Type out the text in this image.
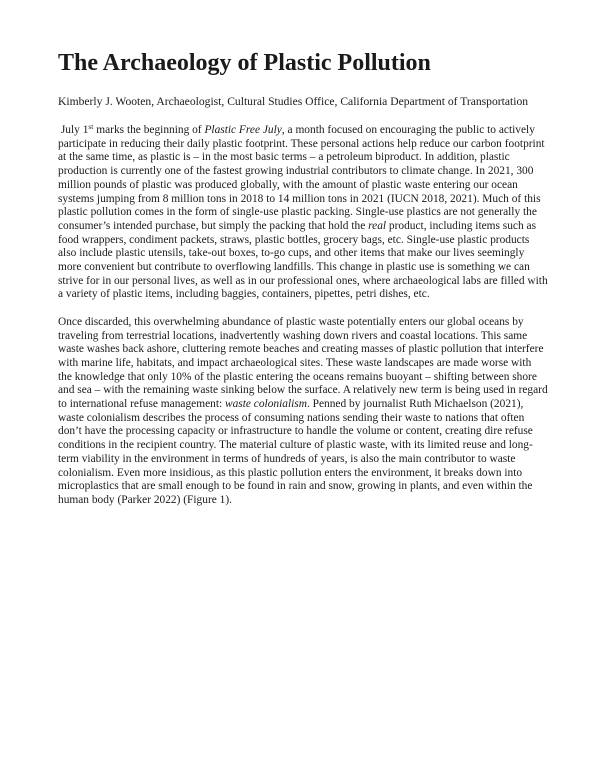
The Archaeology of Plastic Pollution

Kimberly J. Wooten, Archaeologist, Cultural Studies Office, California Department of Transportation

July 1st marks the beginning of Plastic Free July, a month focused on encouraging the public to actively participate in reducing their daily plastic footprint. These personal actions help reduce our carbon footprint at the same time, as plastic is – in the most basic terms – a petroleum biproduct. In addition, plastic production is currently one of the fastest growing industrial contributors to climate change. In 2021, 300 million pounds of plastic was produced globally, with the amount of plastic waste entering our ocean systems jumping from 8 million tons in 2018 to 14 million tons in 2021 (IUCN 2018, 2021). Much of this plastic pollution comes in the form of single-use plastic packing. Single-use plastics are not generally the consumer’s intended purchase, but simply the packing that hold the real product, including items such as food wrappers, condiment packets, straws, plastic bottles, grocery bags, etc. Single-use plastic products also include plastic utensils, take-out boxes, to-go cups, and other items that make our lives seemingly more convenient but contribute to overflowing landfills. This change in plastic use is something we can strive for in our personal lives, as well as in our professional ones, where archaeological labs are filled with a variety of plastic items, including baggies, containers, pipettes, petri dishes, etc.

Once discarded, this overwhelming abundance of plastic waste potentially enters our global oceans by traveling from terrestrial locations, inadvertently washing down rivers and coastal locations. This same waste washes back ashore, cluttering remote beaches and creating masses of plastic pollution that interfere with marine life, habitats, and impact archaeological sites. These waste landscapes are made worse with the knowledge that only 10% of the plastic entering the oceans remains buoyant – shifting between shore and sea – with the remaining waste sinking below the surface. A relatively new term is being used in regard to international refuse management: waste colonialism. Penned by journalist Ruth Michaelson (2021), waste colonialism describes the process of consuming nations sending their waste to nations that often don’t have the processing capacity or infrastructure to handle the volume or content, creating dire refuse conditions in the recipient country. The material culture of plastic waste, with its limited reuse and long-term viability in the environment in terms of hundreds of years, is also the main contributor to waste colonialism. Even more insidious, as this plastic pollution enters the environment, it breaks down into microplastics that are small enough to be found in rain and snow, growing in plants, and even within the human body (Parker 2022) (Figure 1).
